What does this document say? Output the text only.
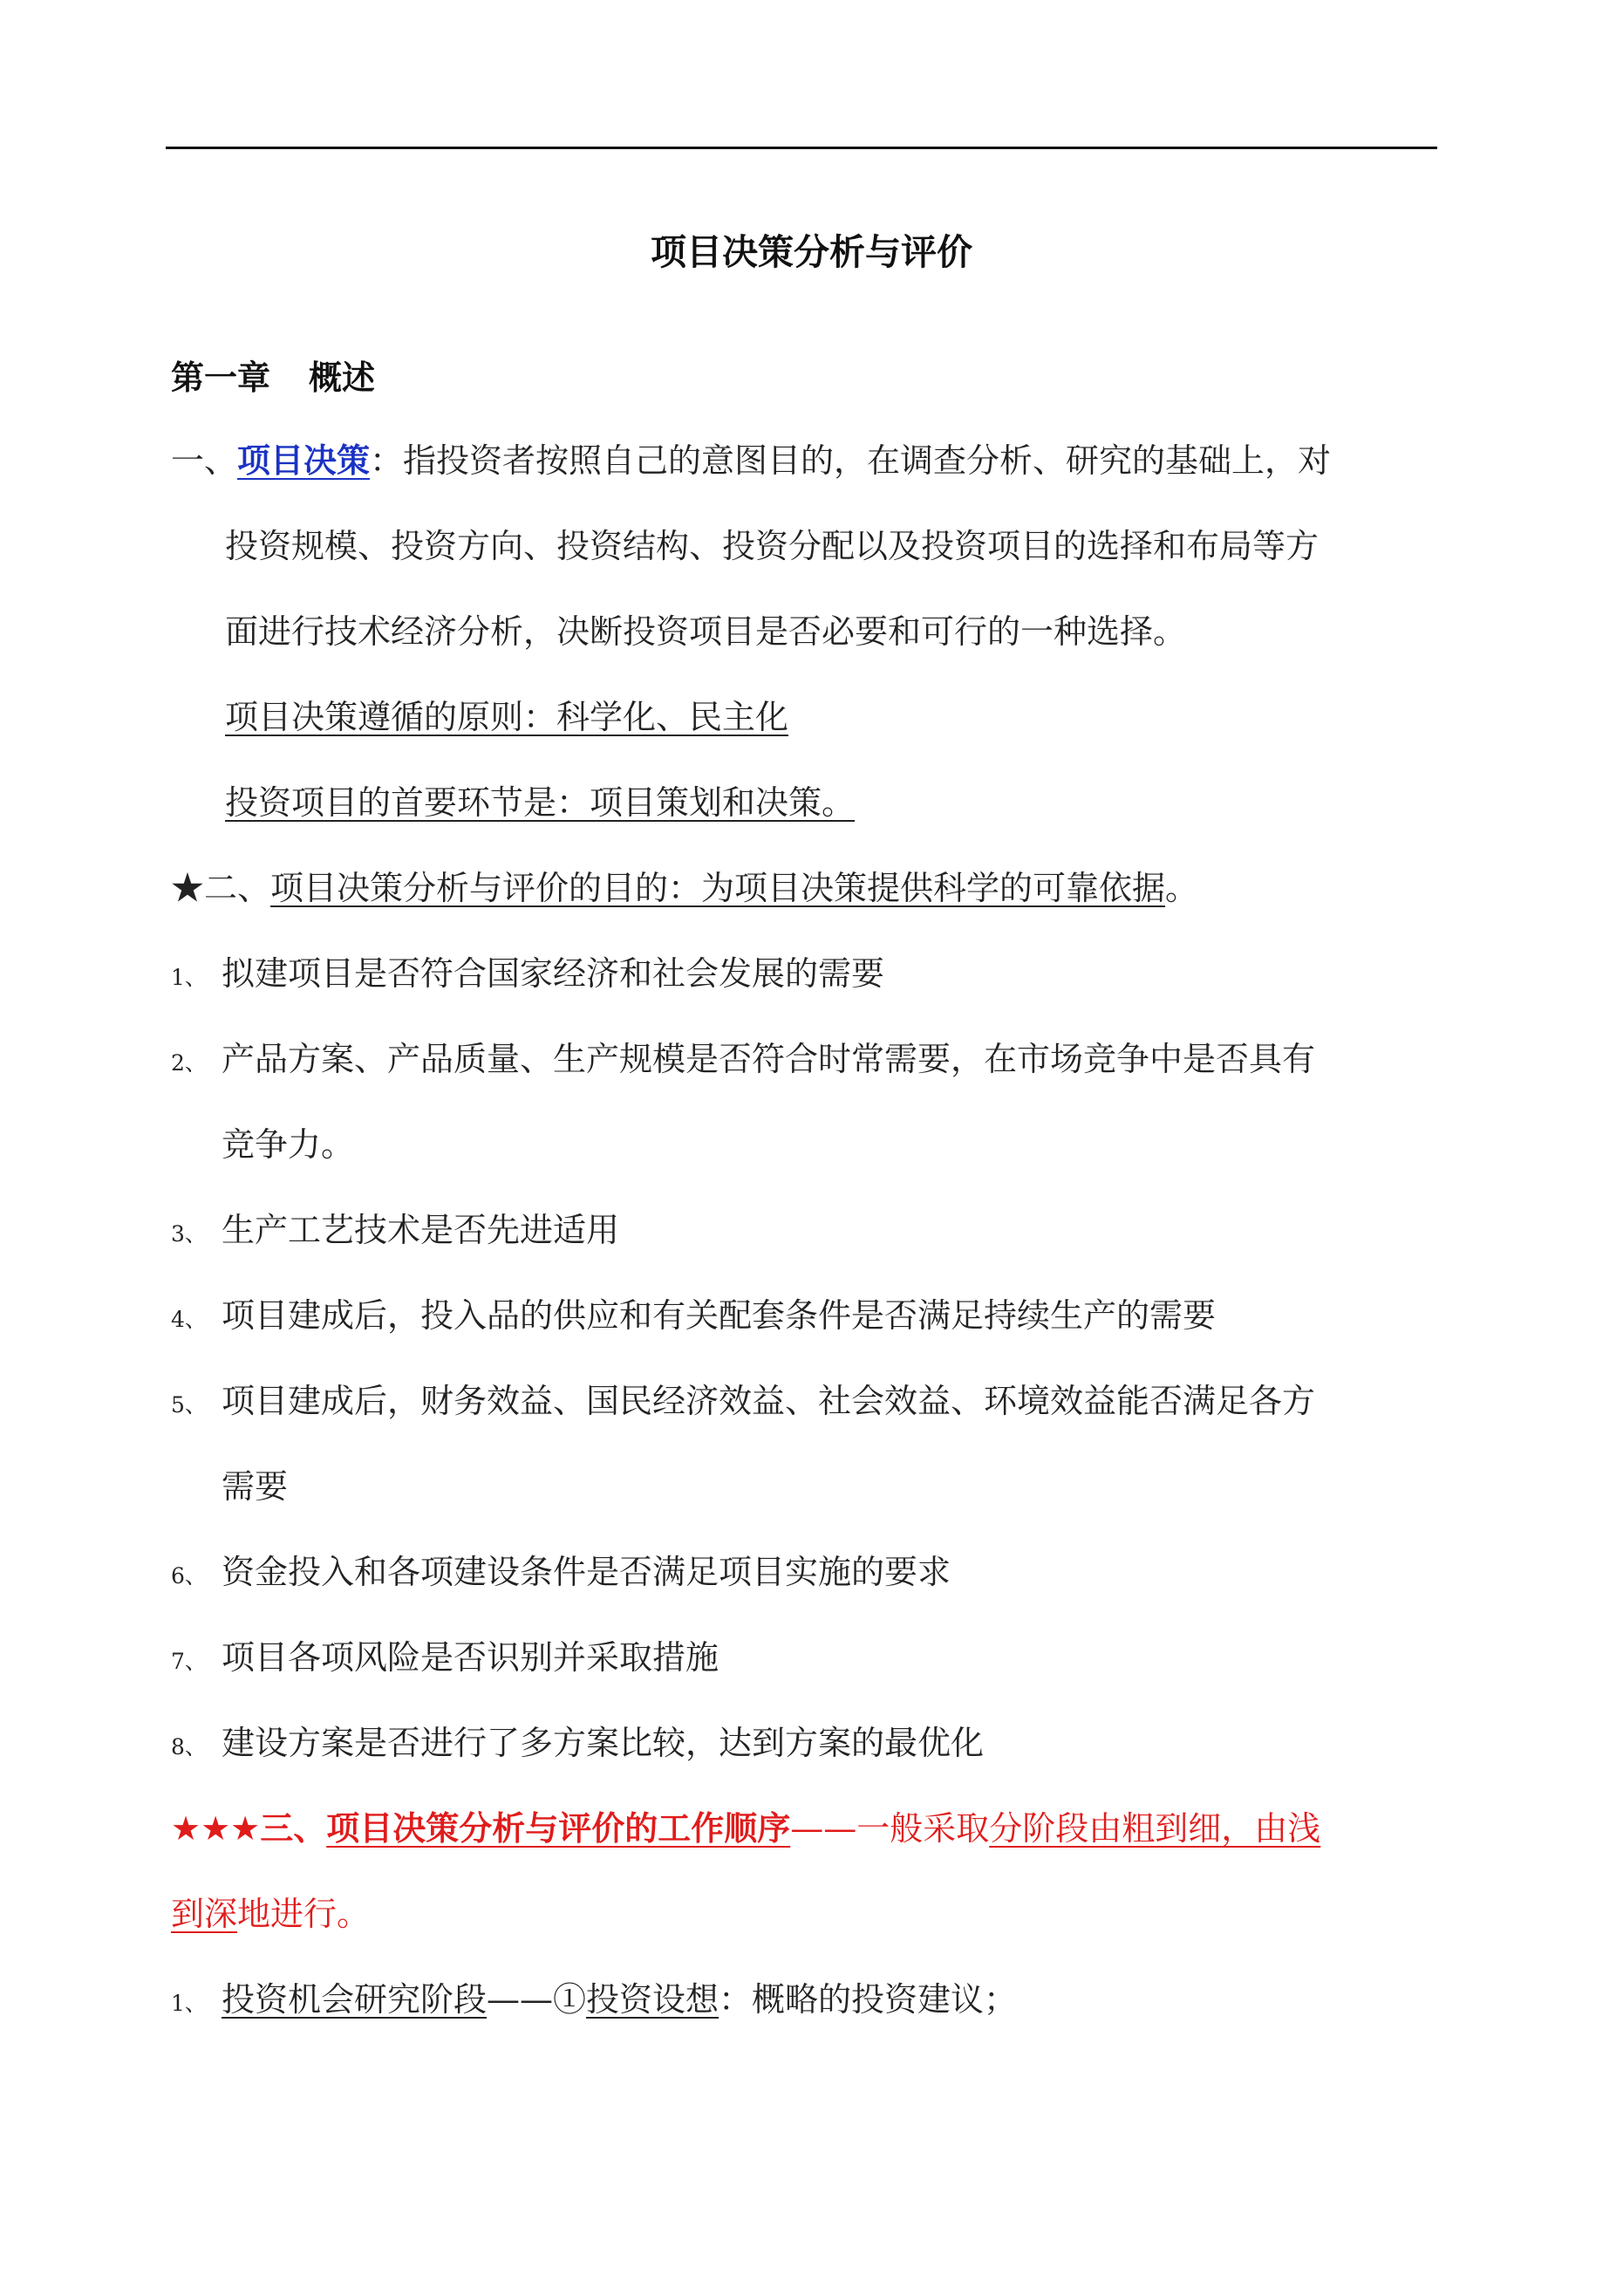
项目决策分析与评价
第一章 概述
一、项目决策：指投资者按照自己的意图目的，在调查分析、研究的基础上，对
投资规模、投资方向、投资结构、投资分配以及投资项目的选择和布局等方
面进行技术经济分析，决断投资项目是否必要和可行的一种选择。
项目决策遵循的原则：科学化、民主化
投资项目的首要环节是：项目策划和决策。
★二、项目决策分析与评价的目的：为项目决策提供科学的可靠依据。
1、 拟建项目是否符合国家经济和社会发展的需要
2、 产品方案、产品质量、生产规模是否符合时常需要，在市场竞争中是否具有
竞争力。
3、 生产工艺技术是否先进适用
4、 项目建成后，投入品的供应和有关配套条件是否满足持续生产的需要
5、 项目建成后，财务效益、国民经济效益、社会效益、环境效益能否满足各方
需要
6、 资金投入和各项建设条件是否满足项目实施的要求
7、 项目各项风险是否识别并采取措施
8、 建设方案是否进行了多方案比较，达到方案的最优化
★★★三、项目决策分析与评价的工作顺序——一般采取分阶段由粗到细，由浅
到深地进行。
1、 投资机会研究阶段——①投资设想：概略的投资建议；
